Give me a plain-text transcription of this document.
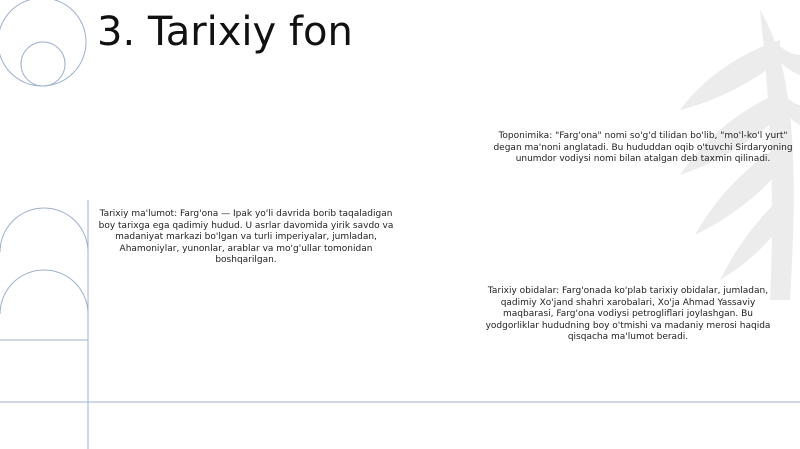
3. Tarixiy fon

Toponimika: "Farg'ona" nomi so'g'd tilidan bo'lib, "mo'l-ko'l yurt" degan ma'noni anglatadi. Bu hududdan oqib o'tuvchi Sirdaryoning unumdor vodiysi nomi bilan atalgan deb taxmin qilinadi.

Tarixiy ma'lumot: Farg'ona — Ipak yo'li davrida borib taqaladigan boy tarixga ega qadimiy hudud. U asrlar davomida yirik savdo va madaniyat markazi bo'lgan va turli imperiyalar, jumladan, Ahamoniylar, yunonlar, arablar va mo'g'ullar tomonidan boshqarilgan.

Tarixiy obidalar: Farg'onada ko'plab tarixiy obidalar, jumladan, qadimiy Xo'jand shahri xarobalari, Xo'ja Ahmad Yassaviy maqbarasi, Farg'ona vodiysi petrogliflari joylashgan. Bu yodgorliklar hududning boy o'tmishi va madaniy merosi haqida qisqacha ma'lumot beradi.
